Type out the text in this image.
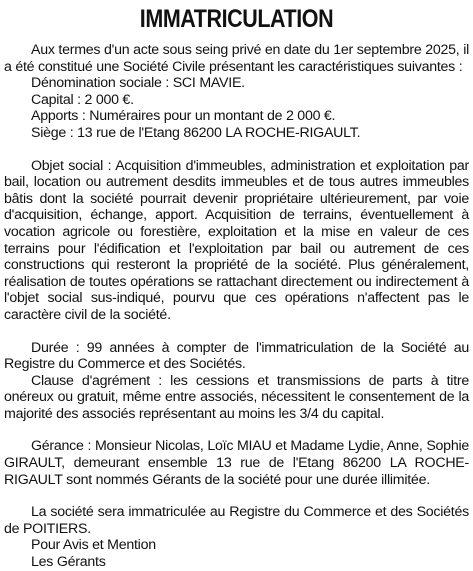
IMMATRICULATION

Aux termes d'un acte sous seing privé en date du 1er septembre 2025, il a été constitué une Société Civile présentant les caractéristiques suivantes :

Dénomination sociale : SCI MAVIE.

Capital : 2 000 €.

Apports : Numéraires pour un montant de 2 000 €.

Siège : 13 rue de l'Etang 86200 LA ROCHE-RIGAULT.

Objet social : Acquisition d'immeubles, administration et exploitation par bail, location ou autrement desdits immeubles et de tous autres immeubles bâtis dont la société pourrait devenir propriétaire ultérieurement, par voie d'acquisition, échange, apport. Acquisition de terrains, éventuellement à vocation agricole ou forestière, exploitation et la mise en valeur de ces terrains pour l'édification et l'exploitation par bail ou autrement de ces constructions qui resteront la propriété de la société. Plus généralement, réalisation de toutes opérations se rattachant directement ou indirectement à l'objet social sus-indiqué, pourvu que ces opérations n'affectent pas le caractère civil de la société.

Durée : 99 années à compter de l'immatriculation de la Société au Registre du Commerce et des Sociétés.

Clause d'agrément : les cessions et transmissions de parts à titre onéreux ou gratuit, même entre associés, nécessitent le consentement de la majorité des associés représentant au moins les 3/4 du capital.

Gérance : Monsieur Nicolas, Loïc MIAU et Madame Lydie, Anne, Sophie GIRAULT, demeurant ensemble 13 rue de l'Etang 86200 LA ROCHE-RIGAULT sont nommés Gérants de la société pour une durée illimitée.

La société sera immatriculée au Registre du Commerce et des Sociétés de POITIERS.

Pour Avis et Mention

Les Gérants
